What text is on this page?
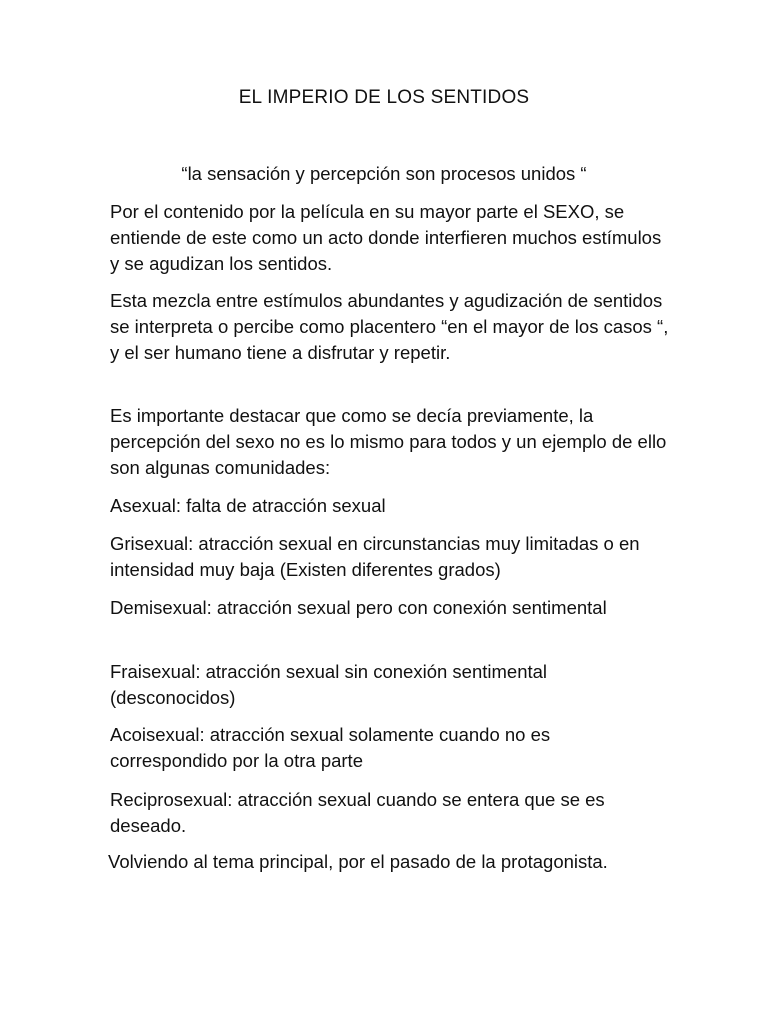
EL IMPERIO DE LOS SENTIDOS
“la sensación y percepción son procesos unidos “

Por el contenido por la película en su mayor parte el SEXO, se entiende de este como un acto donde interfieren muchos estímulos y se agudizan los sentidos.

Esta mezcla entre estímulos abundantes y agudización de sentidos se interpreta o percibe como placentero “en el mayor de los casos “, y el ser humano tiene a disfrutar y repetir.

Es importante destacar que como se decía previamente, la percepción del sexo no es lo mismo para todos y un ejemplo de ello son algunas comunidades:

Asexual: falta de atracción sexual

Grisexual: atracción sexual en circunstancias muy limitadas o en intensidad muy baja (Existen diferentes grados)

Demisexual: atracción sexual pero con conexión sentimental

Fraisexual: atracción sexual sin conexión sentimental (desconocidos)

Acoisexual: atracción sexual solamente cuando no es correspondido por la otra parte

Reciprosexual: atracción sexual cuando se entera que se es deseado.

Volviendo al tema principal, por el pasado de la protagonista.
